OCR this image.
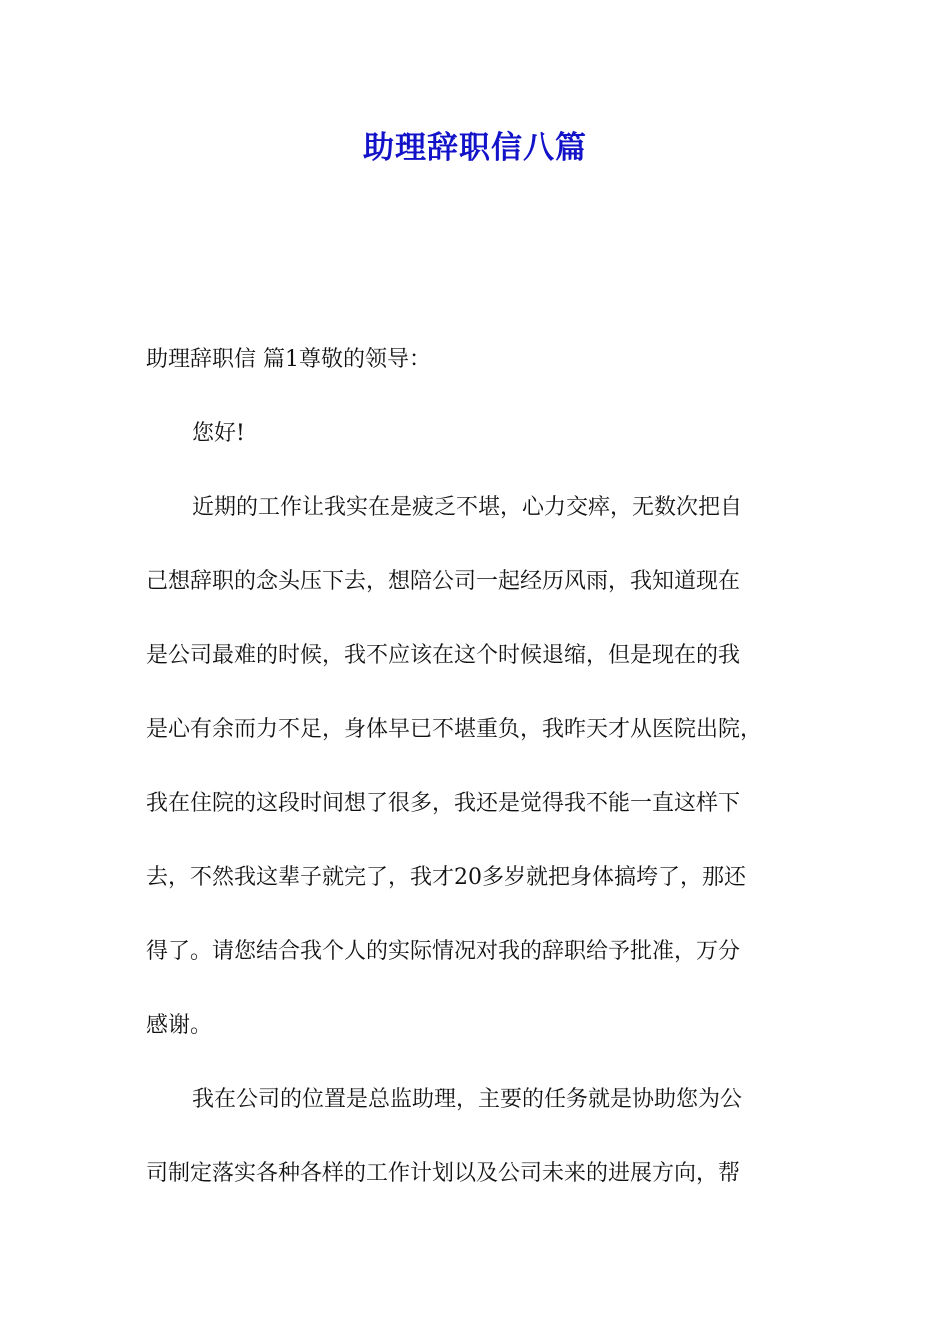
助理辞职信八篇
助理辞职信 篇1尊敬的领导：
您好!
近期的工作让我实在是疲乏不堪，心力交瘁，无数次把自
己想辞职的念头压下去，想陪公司一起经历风雨，我知道现在
是公司最难的时候，我不应该在这个时候退缩，但是现在的我
是心有余而力不足，身体早已不堪重负，我昨天才从医院出院，
我在住院的这段时间想了很多，我还是觉得我不能一直这样下
去，不然我这辈子就完了，我才20多岁就把身体搞垮了，那还
得了。请您结合我个人的实际情况对我的辞职给予批准，万分
感谢。
我在公司的位置是总监助理，主要的任务就是协助您为公
司制定落实各种各样的工作计划以及公司未来的进展方向，帮
